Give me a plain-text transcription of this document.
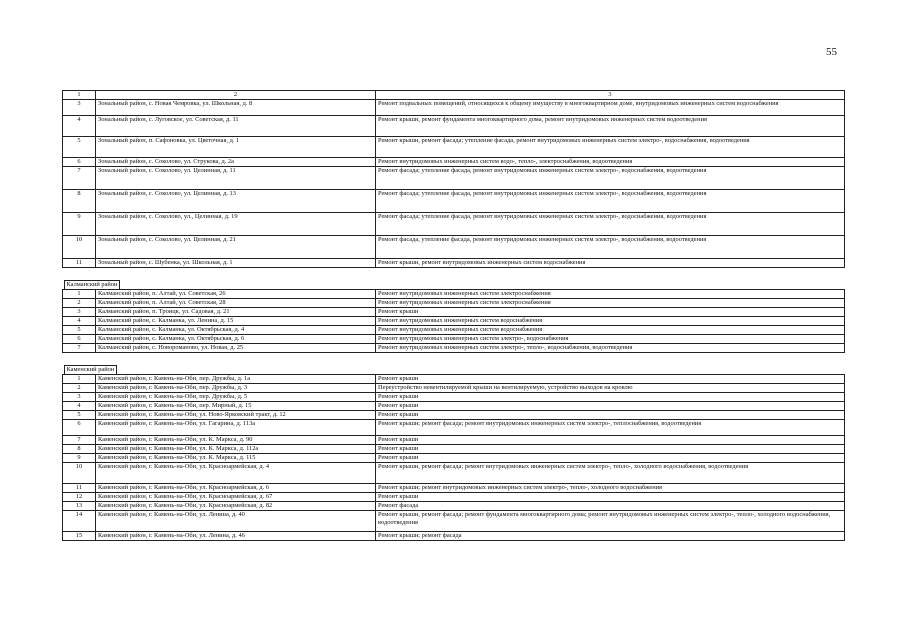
55
1	2	3
3	Зональный район, с. Новая Чемровка, ул. Школьная, д. 8	Ремонт подвальных помещений, относящихся к общему имуществу в многоквартирном доме, внутридомовых инженерных систем водоснабжения
4	Зональный район, с. Луговское, ул. Советская, д. 11	Ремонт крыши, ремонт фундамента многоквартирного дома, ремонт внутридомовых инженерных систем водоотведения
5	Зональный район, п. Сафоновка, ул. Цветочная, д. 1	Ремонт крыши, ремонт фасада; утепление фасада, ремонт внутридомовых инженерных систем электро-, водоснабжения, водоотведения
6	Зональный район, с. Соколово, ул. Струкова, д. 2а	Ремонт внутридомовых инженерных систем водо-, тепло-, электроснабжения, водоотведения
7	Зональный район, с. Соколово, ул. Целинная, д. 11	Ремонт фасада; утепление фасада, ремонт внутридомовых инженерных систем электро-, водоснабжения, водоотведения
8	Зональный район, с. Соколово, ул. Целинная, д. 13	Ремонт фасада; утепление фасада, ремонт внутридомовых инженерных систем электро-, водоснабжения, водоотведения
9	Зональный район, с. Соколово, ул., Целинная, д. 19	Ремонт фасада; утепление фасада, ремонт внутридомовых инженерных систем электро-, водоснабжения, водоотведения
10	Зональный район, с. Соколово, ул. Целинная, д. 21	Ремонт фасада, утепление фасада, ремонт внутридомовых инженерных систем электро-, водоснабжения, водоотведения
11	Зональный район, с. Шубенка, ул. Школьная, д. 1	Ремонт крыши, ремонт внутридомовых инженерных систем водоснабжения

Калманский район		
1	Калманский район, п. Алтай, ул. Советская, 26	Ремонт внутридомовых инженерных систем электроснабжения
2	Калманский район, п. Алтай, ул. Советская, 28	Ремонт внутридомовых инженерных систем электроснабжения
3	Калманский район, п. Троицк, ул. Садовая, д. 21	Ремонт крыши
4	Калманский район, с. Калманка, ул. Ленина, д. 15	Ремонт внутридомовых инженерных систем водоснабжения
5	Калманский район, с. Калманка, ул. Октябрьская, д. 4	Ремонт внутридомовых инженерных систем водоснабжения
6	Калманский район, с. Калманка, ул. Октябрьская, д. 6	Ремонт внутридомовых инженерных систем электро-, водоснабжения
7	Калманский район, с. Новороманово, ул. Новая, д. 25	Ремонт внутридомовых инженерных систем электро-, тепло-, водоснабжения, водоотведения

Каменский район		
1	Каменский район, г. Камень-на-Оби, пер. Дружбы, д. 1а	Ремонт крыши
2	Каменский район, г. Камень-на-Оби, пер. Дружбы, д. 3	Переустройство невентилируемой крыши на вентилируемую, устройство выходов на кровлю
3	Каменский район, г. Камень-на-Оби, пер. Дружбы, д. 5	Ремонт крыши
4	Каменский район, г. Камень-на-Оби, пер. Мирный, д. 15	Ремонт крыши
5	Каменский район, г. Камень-на-Оби, ул. Ново-Ярковский тракт, д. 12	Ремонт крыши
6	Каменский район, г. Камень-на-Оби, ул. Гагарина, д. 113а	Ремонт крыши; ремонт фасада; ремонт внутридомовых инженерных систем электро-, теплоснабжения, водоотведения
7	Каменский район, г. Камень-на-Оби, ул. К. Маркса, д. 90	Ремонт крыши
8	Каменский район, г. Камень-на-Оби, ул. К. Маркса, д. 112а	Ремонт крыши
9	Каменский район, г. Камень-на-Оби, ул. К. Маркса, д. 115	Ремонт крыши
10	Каменский район, г. Камень-на-Оби, ул. Красноармейская, д. 4	Ремонт крыши, ремонт фасада; ремонт внутридомовых инженерных систем электро-, тепло-, холодного водоснабжения, водоотведения
11	Каменский район, г. Камень-на-Оби, ул. Красноармейская, д. 6	Ремонт крыши; ремонт внутридомовых инженерных систем электро-, тепло-, холодного водоснабжения
12	Каменский район, г. Камень-на-Оби, ул. Красноармейская, д. 67	Ремонт крыши
13	Каменский район, г. Камень-на-Оби, ул. Красноармейская, д. 82	Ремонт фасада
14	Каменский район, г. Камень-на-Оби, ул. Ленина, д. 40	Ремонт крыши, ремонт фасада; ремонт фундамента многоквартирного дома; ремонт внутридомовых инженерных систем электро-, тепло-, холодного водоснабжения, водоотведения
15	Каменский район, г. Камень-на-Оби, ул. Ленина, д. 46	Ремонт крыши; ремонт фасада
